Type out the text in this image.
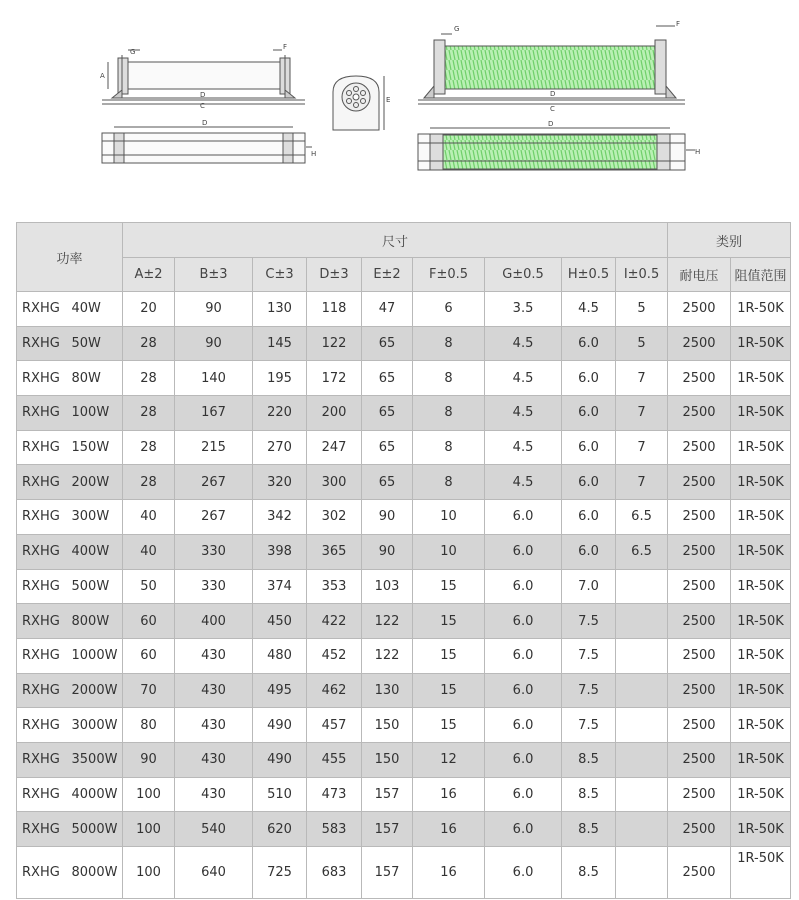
A
G
F
D
C
D
H
E
G
F
D
C
D
H
功率		尺寸									类别	
		A±2	B±3	C±3	D±3	E±2	F±0.5	G±0.5	H±0.5	I±0.5	耐电压	阻值范围
RXHG	40W	20	90	130	118	47	6	3.5	4.5	5	2500	1R-50K
RXHG	50W	28	90	145	122	65	8	4.5	6.0	5	2500	1R-50K
RXHG	80W	28	140	195	172	65	8	4.5	6.0	7	2500	1R-50K
RXHG	100W	28	167	220	200	65	8	4.5	6.0	7	2500	1R-50K
RXHG	150W	28	215	270	247	65	8	4.5	6.0	7	2500	1R-50K
RXHG	200W	28	267	320	300	65	8	4.5	6.0	7	2500	1R-50K
RXHG	300W	40	267	342	302	90	10	6.0	6.0	6.5	2500	1R-50K
RXHG	400W	40	330	398	365	90	10	6.0	6.0	6.5	2500	1R-50K
RXHG	500W	50	330	374	353	103	15	6.0	7.0		2500	1R-50K
RXHG	800W	60	400	450	422	122	15	6.0	7.5		2500	1R-50K
RXHG	1000W	60	430	480	452	122	15	6.0	7.5		2500	1R-50K
RXHG	2000W	70	430	495	462	130	15	6.0	7.5		2500	1R-50K
RXHG	3000W	80	430	490	457	150	15	6.0	7.5		2500	1R-50K
RXHG	3500W	90	430	490	455	150	12	6.0	8.5		2500	1R-50K
RXHG	4000W	100	430	510	473	157	16	6.0	8.5		2500	1R-50K
RXHG	5000W	100	540	620	583	157	16	6.0	8.5		2500	1R-50K
RXHG	8000W	100	640	725	683	157	16	6.0	8.5		2500	1R-50K
